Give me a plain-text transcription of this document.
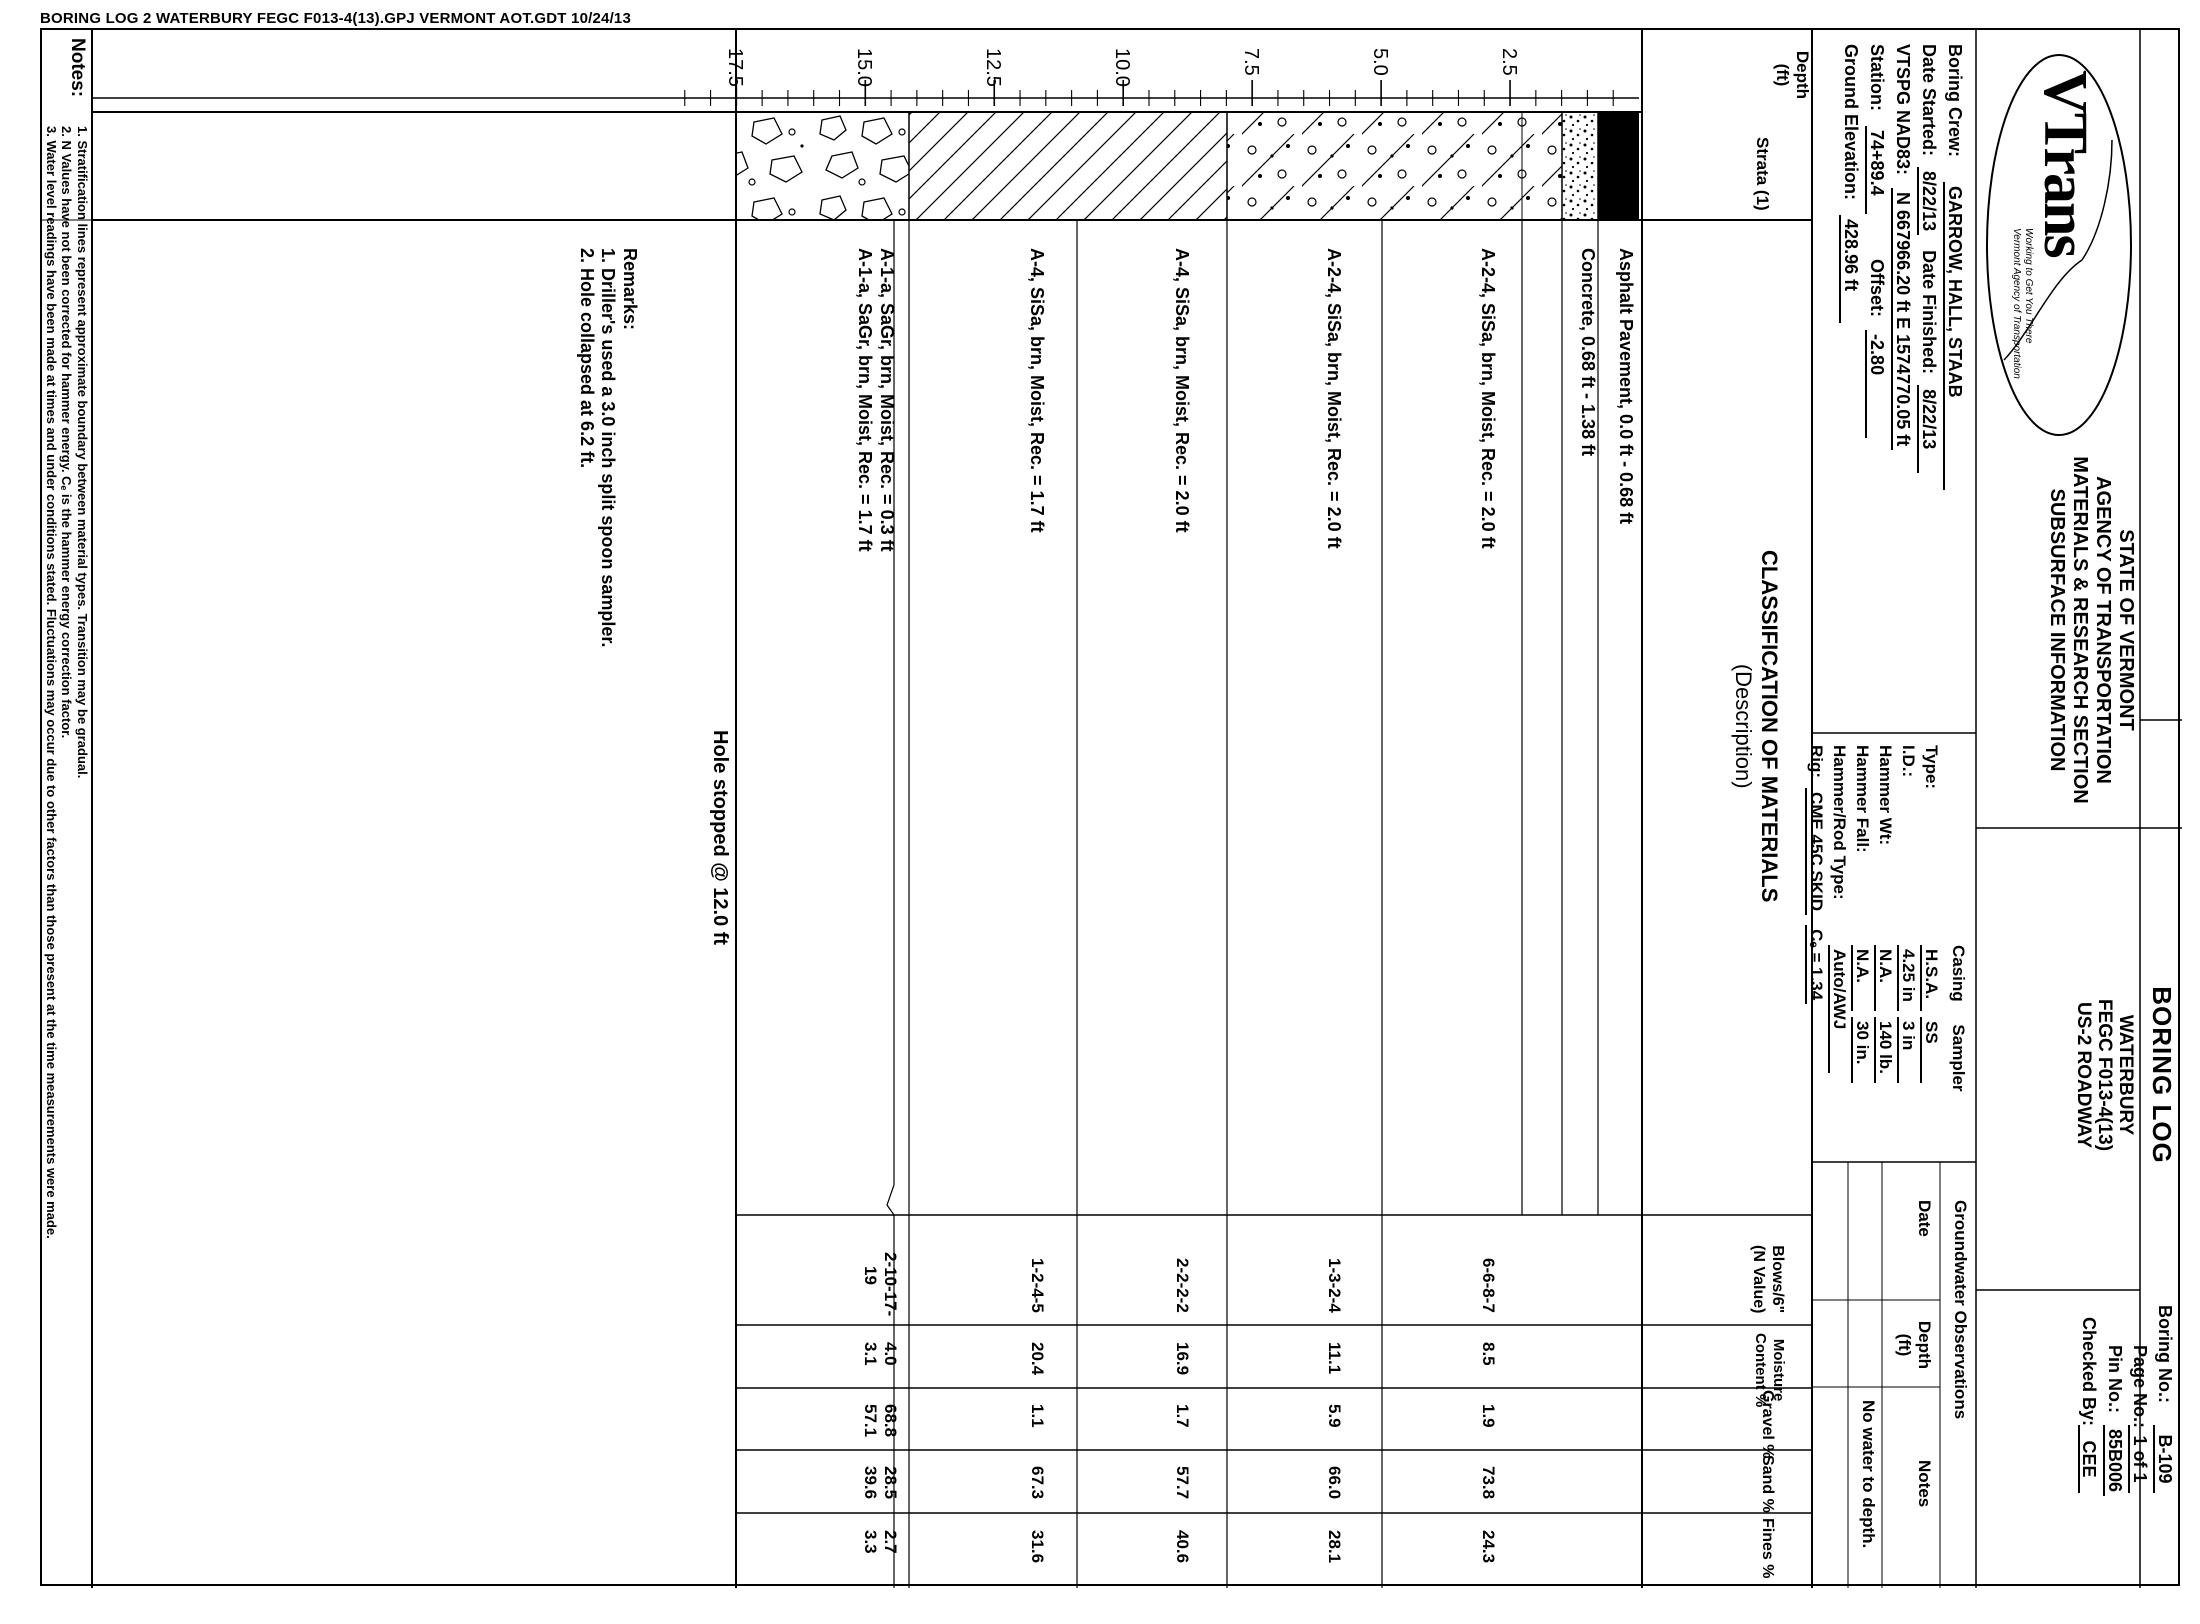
BORING LOG 2 WATERBURY FEGC F013-4(13).GPJ VERMONT AOT.GDT 10/24/13
2.5
5.0
7.5
10.0
12.5
15.0
17.5	Depth
(ft)
Strata (1)
CLASSIFICATION OF MATERIALS
(Description)
Blows/6"
(N Value)
Moisture
Content %
Gravel %
Sand %
Fines %
Asphalt Pavement, 0.0 ft - 0.68 ft
Concrete, 0.68 ft - 1.38 ft
A-2-4, SiSa, brn, Moist, Rec. = 2.0 ft
A-2-4, SiSa, brn, Moist, Rec. = 2.0 ft
A-4, SiSa, brn, Moist, Rec. = 2.0 ft
A-4, SiSa, brn, Moist, Rec. = 1.7 ft
A-1-a, SaGr, brn, Moist, Rec. = 0.3 ft
A-1-a, SaGr, brn, Moist, Rec. = 1.7 ft
6-6-8-7
1-3-2-4
2-2-2-2
1-2-4-5
2-10-17-
19
8.5
11.1
16.9
20.4
4.0
3.1
1.9
5.9
1.7
1.1
68.8
57.1
73.8
66.0
57.7
67.3
28.5
39.6
24.3
28.1
40.6
31.6
2.7
3.3
Hole stopped @ 12.0 ft
Remarks:
1. Driller's used a 3.0 inch split spoon sampler.
2. Hole collapsed at 6.2 ft.
Notes:
1. Stratification lines represent approximate boundary between material types. Transition may be gradual.
2. N Values have not been corrected for hammer energy. Cₑ is the hammer energy correction factor.
3. Water level readings have been made at times and under conditions stated. Fluctuations may occur due to other factors than those present at the time measurements were made.
Boring Crew: GARROW, HALL, STAAB
Date Started: 8/22/13 Date Finished: 8/22/13
VTSPG NAD83: N 667966.20 ft E 1574770.05 ft
Station: 74+89.4 Offset: -2.80
Ground Elevation: 428.96 ft	VTrans
Working to Get You There
Vermont Agency of Transportation
STATE OF VERMONT
AGENCY OF TRANSPORTATION
MATERIALS & RESEARCH SECTION
SUBSURFACE INFORMATION
BORING LOG
WATERBURY
FEGC F013-4(13)
US-2 ROADWAY
Boring No.:B-109
Page No.:1 of 1
Pin No.:85B006
Checked By:CEE
Casing Sampler
Type:H.S.A.SS
I.D.:4.25 in3 in
Hammer Wt:N.A.140 lb.
Hammer Fall:N.A.30 in.
Hammer/Rod Type:Auto/AWJ
Rig:CME 45C SKIDCₑ = 1.34
Groundwater Observations
Date
Depth (ft)
Notes
No water to depth.
